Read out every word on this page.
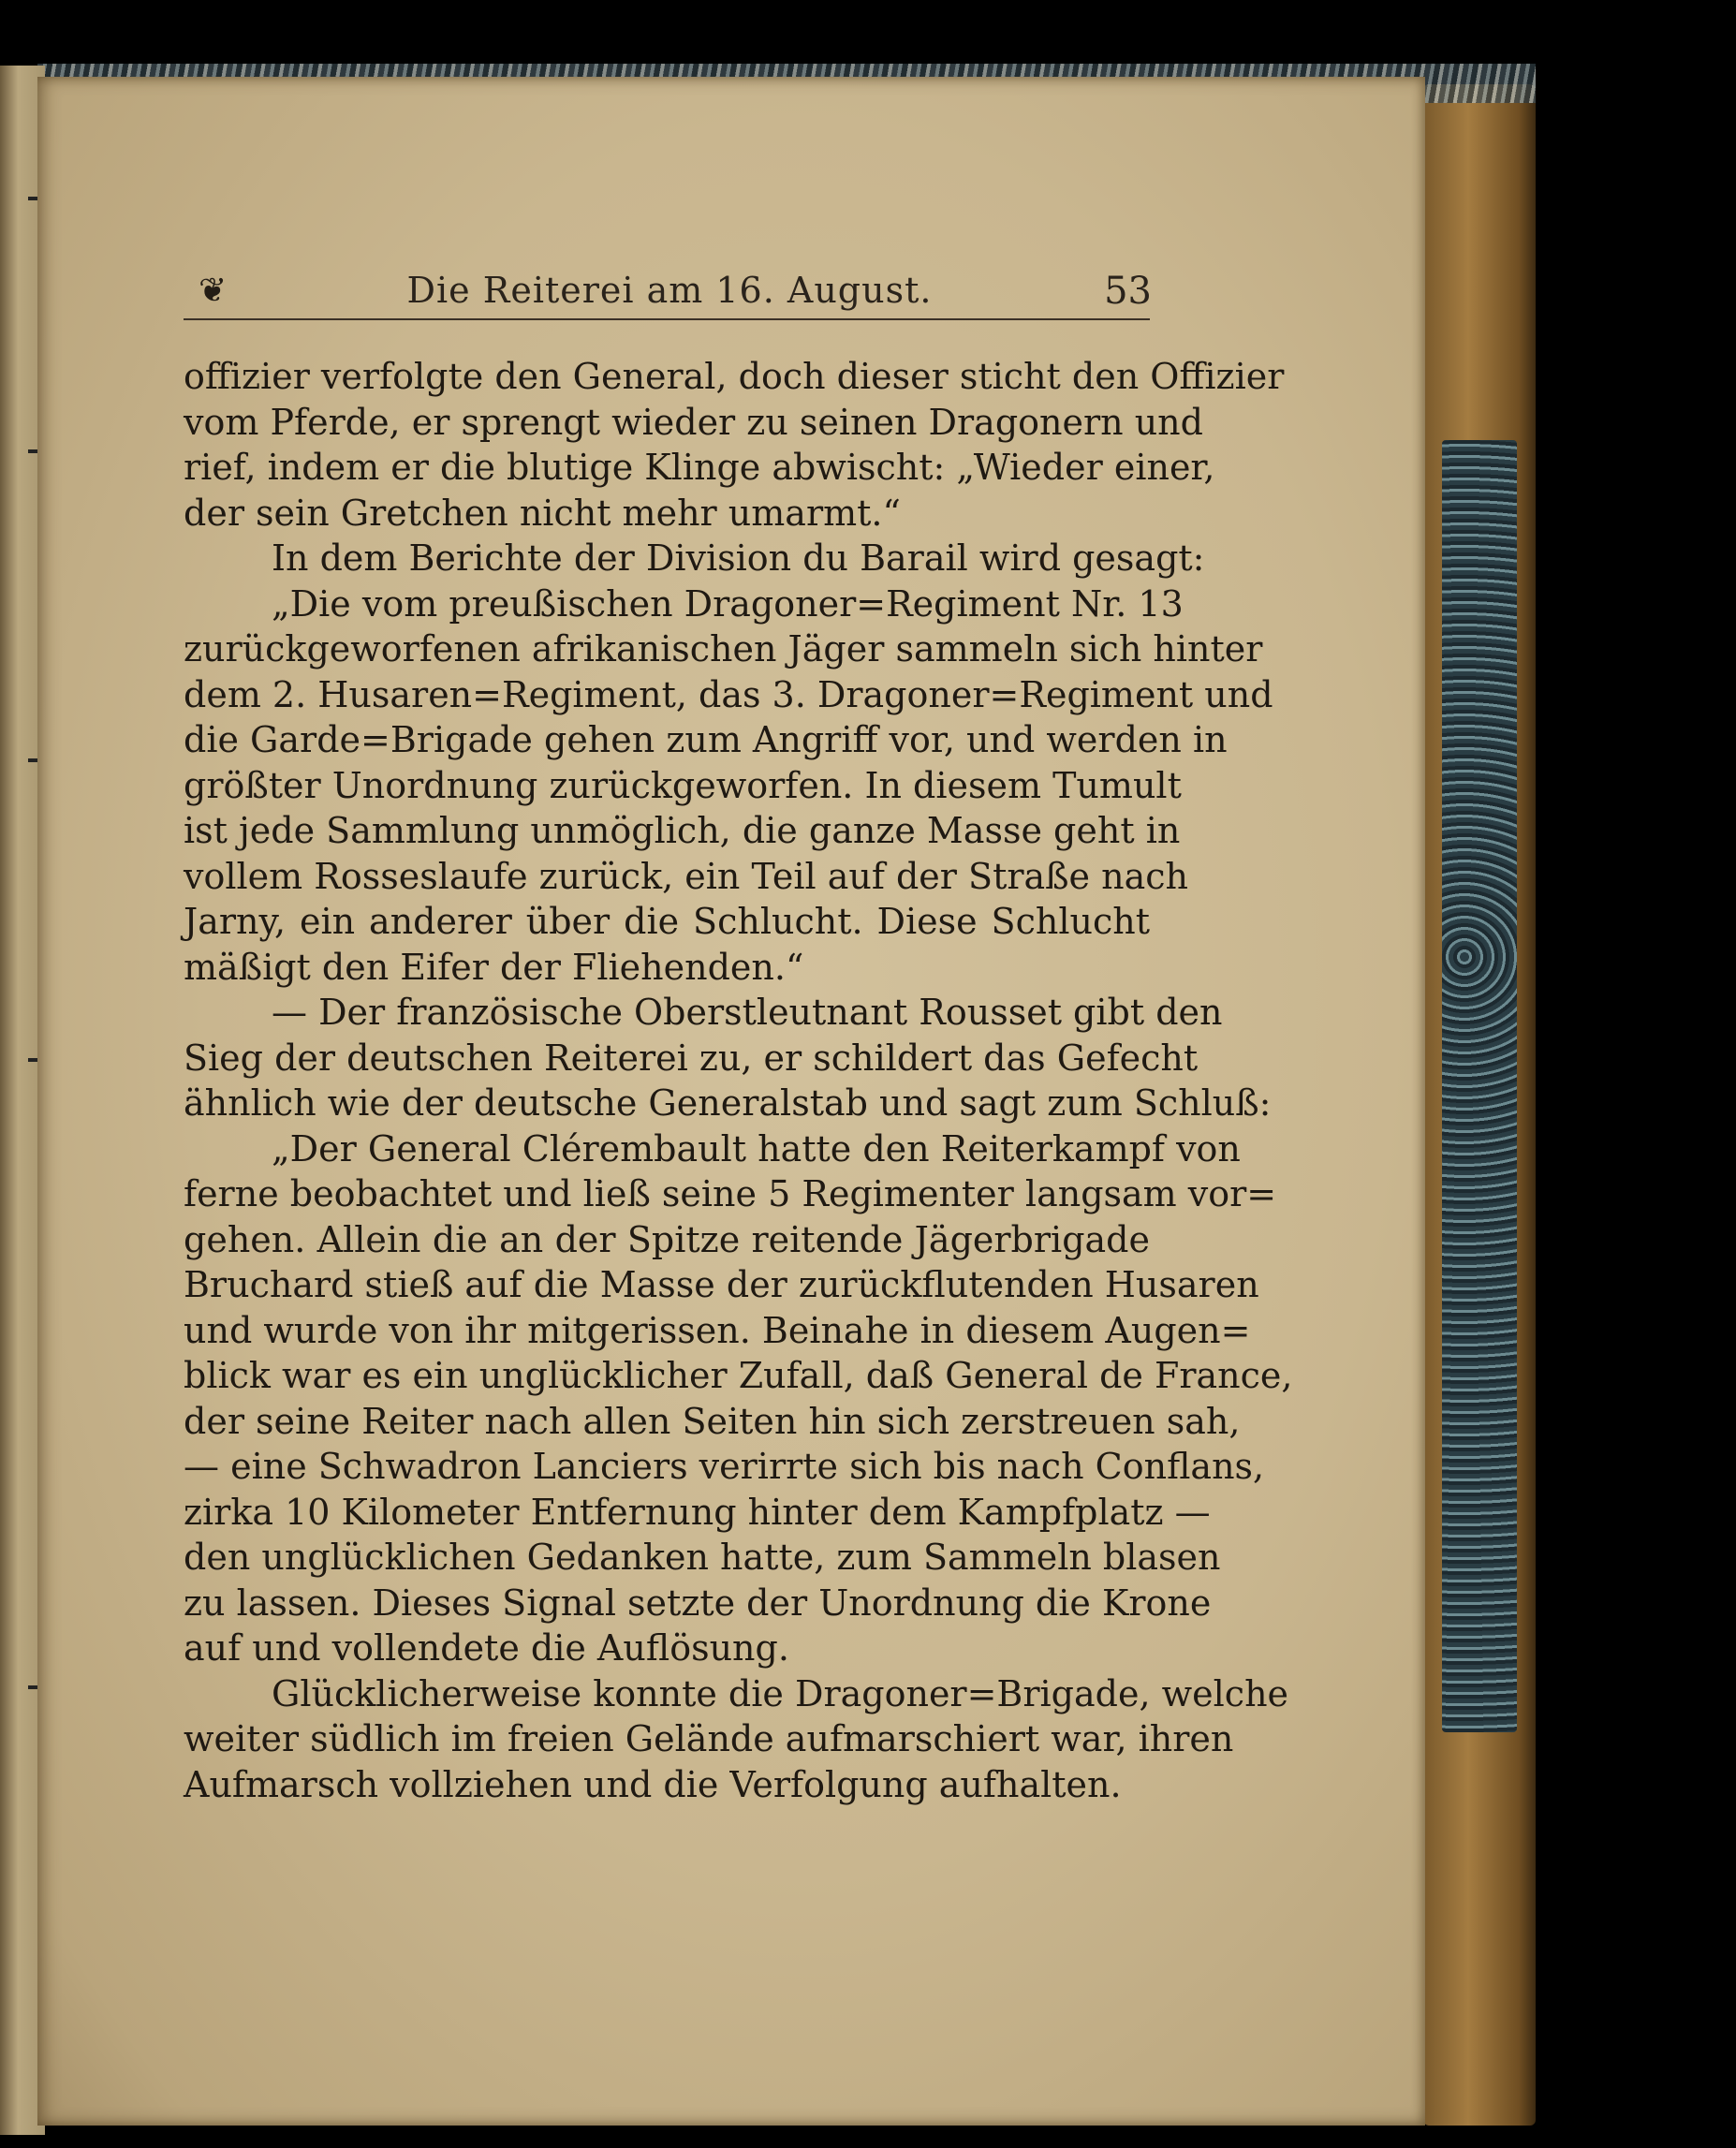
❦	Die Reiterei am 16. August.	53
offizier verfolgte den General, doch dieser sticht den Offizier
vom Pferde, er sprengt wieder zu seinen Dragonern und
rief, indem er die blutige Klinge abwischt: „Wieder einer,
der sein Gretchen nicht mehr umarmt.“
In dem Berichte der Division du Barail wird gesagt:
„Die vom preußischen Dragoner=Regiment Nr. 13
zurückgeworfenen afrikanischen Jäger sammeln sich hinter
dem 2. Husaren=Regiment, das 3. Dragoner=Regiment und
die Garde=Brigade gehen zum Angriff vor, und werden in
größter Unordnung zurückgeworfen. In diesem Tumult
ist jede Sammlung unmöglich, die ganze Masse geht in
vollem Rosseslaufe zurück, ein Teil auf der Straße nach
Jarny, ein anderer über die Schlucht. Diese Schlucht
mäßigt den Eifer der Fliehenden.“
— Der französische Oberstleutnant Rousset gibt den
Sieg der deutschen Reiterei zu, er schildert das Gefecht
ähnlich wie der deutsche Generalstab und sagt zum Schluß:
„Der General Clérembault hatte den Reiterkampf von
ferne beobachtet und ließ seine 5 Regimenter langsam vor=
gehen. Allein die an der Spitze reitende Jägerbrigade
Bruchard stieß auf die Masse der zurückflutenden Husaren
und wurde von ihr mitgerissen. Beinahe in diesem Augen=
blick war es ein unglücklicher Zufall, daß General de France,
der seine Reiter nach allen Seiten hin sich zerstreuen sah,
— eine Schwadron Lanciers verirrte sich bis nach Conflans,
zirka 10 Kilometer Entfernung hinter dem Kampfplatz —
den unglücklichen Gedanken hatte, zum Sammeln blasen
zu lassen. Dieses Signal setzte der Unordnung die Krone
auf und vollendete die Auflösung.
Glücklicherweise konnte die Dragoner=Brigade, welche
weiter südlich im freien Gelände aufmarschiert war, ihren
Aufmarsch vollziehen und die Verfolgung aufhalten.
